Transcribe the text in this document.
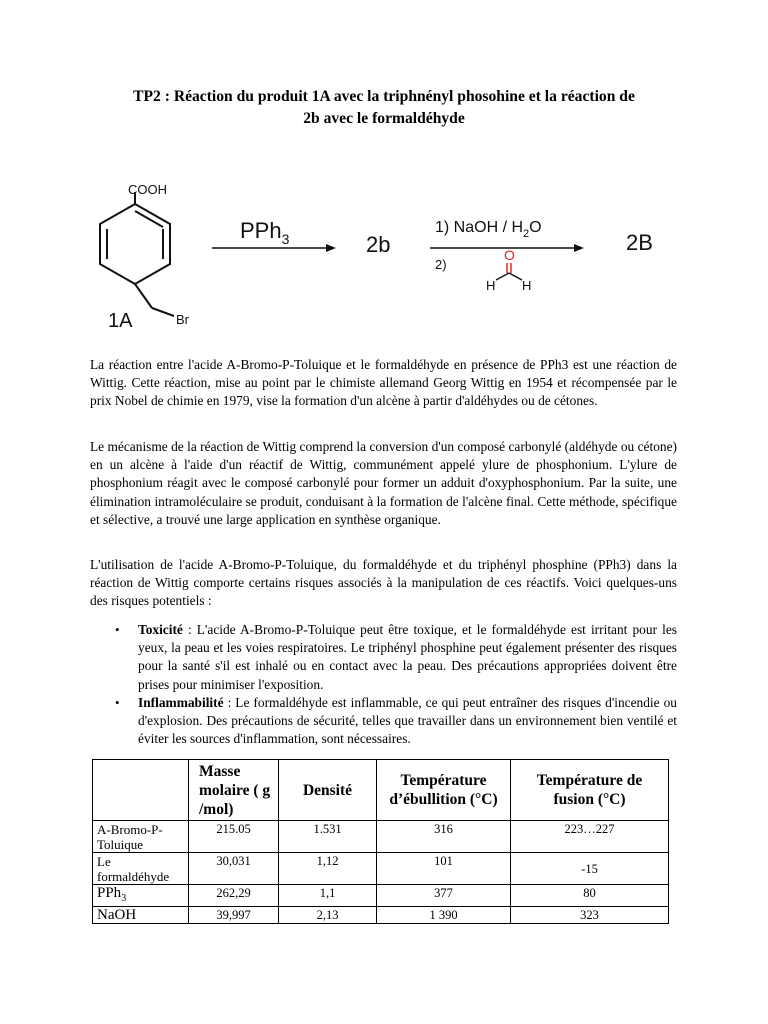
TP2 : Réaction du produit 1A avec la triphnényl phosohine et la réaction de
2b avec le formaldéhyde
COOH
1A	Br
PPh$_3$	2b
1) NaOH / $H_2O$
2)
O
H H
2B

La réaction entre l'acide A-Bromo-P-Toluique et le formaldéhyde en présence de PPh3 est une réaction de Wittig. Cette réaction, mise au point par le chimiste allemand Georg Wittig en 1954 et récompensée par le prix Nobel de chimie en 1979, vise la formation d'un alcène à partir d'aldéhydes ou de cétones.

Le mécanisme de la réaction de Wittig comprend la conversion d'un composé carbonylé (aldéhyde ou cétone) en un alcène à l'aide d'un réactif de Wittig, communément appelé ylure de phosphonium. L'ylure de phosphonium réagit avec le composé carbonylé pour former un adduit d'oxyphosphonium. Par la suite, une élimination intramoléculaire se produit, conduisant à la formation de l'alcène final. Cette méthode, spécifique et sélective, a trouvé une large application en synthèse organique.

L'utilisation de l'acide A-Bromo-P-Toluique, du formaldéhyde et du triphényl phosphine (PPh3) dans la réaction de Wittig comporte certains risques associés à la manipulation de ces réactifs. Voici quelques-uns des risques potentiels :

• Toxicité : L'acide A-Bromo-P-Toluique peut être toxique, et le formaldéhyde est irritant pour les yeux, la peau et les voies respiratoires. Le triphényl phosphine peut également présenter des risques pour la santé s'il est inhalé ou en contact avec la peau. Des précautions appropriées doivent être prises pour minimiser l'exposition.
• Inflammabilité : Le formaldéhyde est inflammable, ce qui peut entraîner des risques d'incendie ou d'explosion. Des précautions de sécurité, telles que travailler dans un environnement bien ventilé et éviter les sources d'inflammation, sont nécessaires.
	Masse molaire ( g /mol)	Densité	Température d’ébullition (°C)	Température de fusion (°C)
A-Bromo-P-Toluique	215.05	1.531	316	223…227
Le formaldéhyde	30,031	1,12	101	-15
PPh$_3$	262,29	1,1	377	80
NaOH	39,997	2,13	1 390	323
